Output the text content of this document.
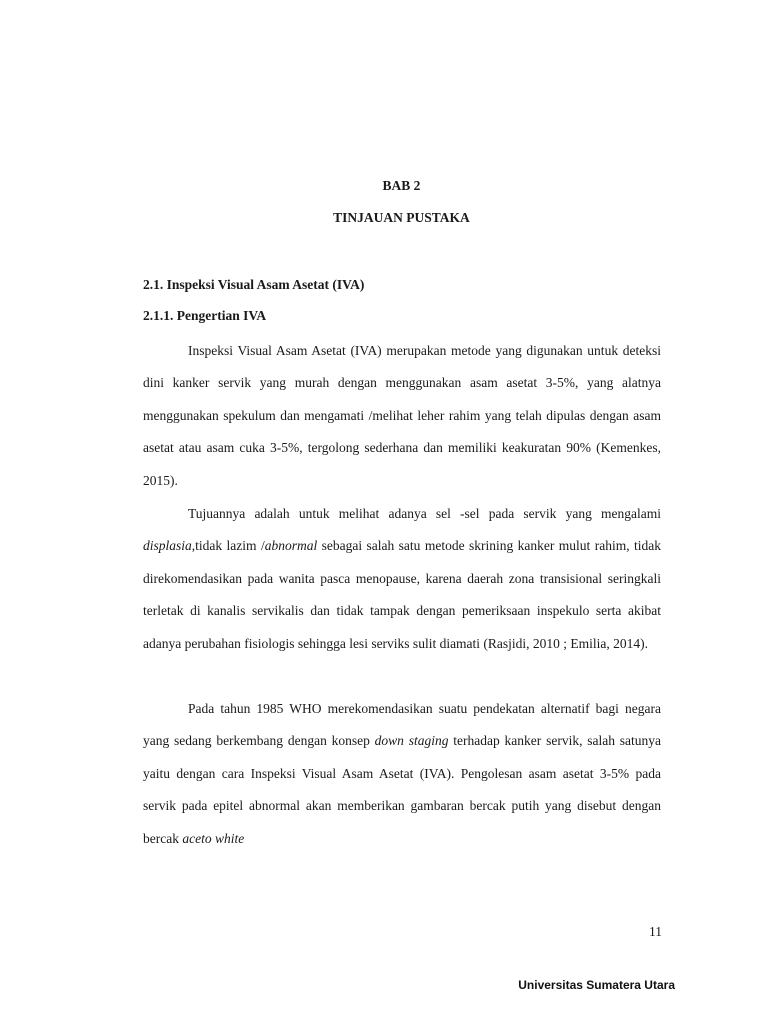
BAB 2
TINJAUAN PUSTAKA
2.1. Inspeksi Visual Asam Asetat (IVA)
2.1.1. Pengertian IVA

Inspeksi Visual Asam Asetat (IVA) merupakan metode yang digunakan untuk deteksi dini kanker servik yang murah dengan menggunakan asam asetat 3-5%, yang alatnya menggunakan spekulum dan mengamati /melihat leher rahim yang telah dipulas dengan asam asetat atau asam cuka 3-5%, tergolong sederhana dan memiliki keakuratan 90% (Kemenkes, 2015).

Tujuannya adalah untuk melihat adanya sel -sel pada servik yang mengalami displasia,tidak lazim /abnormal sebagai salah satu metode skrining kanker mulut rahim, tidak direkomendasikan pada wanita pasca menopause, karena daerah zona transisional seringkali terletak di kanalis servikalis dan tidak tampak dengan pemeriksaan inspekulo serta akibat adanya perubahan fisiologis sehingga lesi serviks sulit diamati (Rasjidi, 2010 ; Emilia, 2014).

Pada tahun 1985 WHO merekomendasikan suatu pendekatan alternatif bagi negara yang sedang berkembang dengan konsep down staging terhadap kanker servik, salah satunya yaitu dengan cara Inspeksi Visual Asam Asetat (IVA). Pengolesan asam asetat 3-5% pada servik pada epitel abnormal akan memberikan gambaran bercak putih yang disebut dengan bercak aceto white

11
Universitas Sumatera Utara
